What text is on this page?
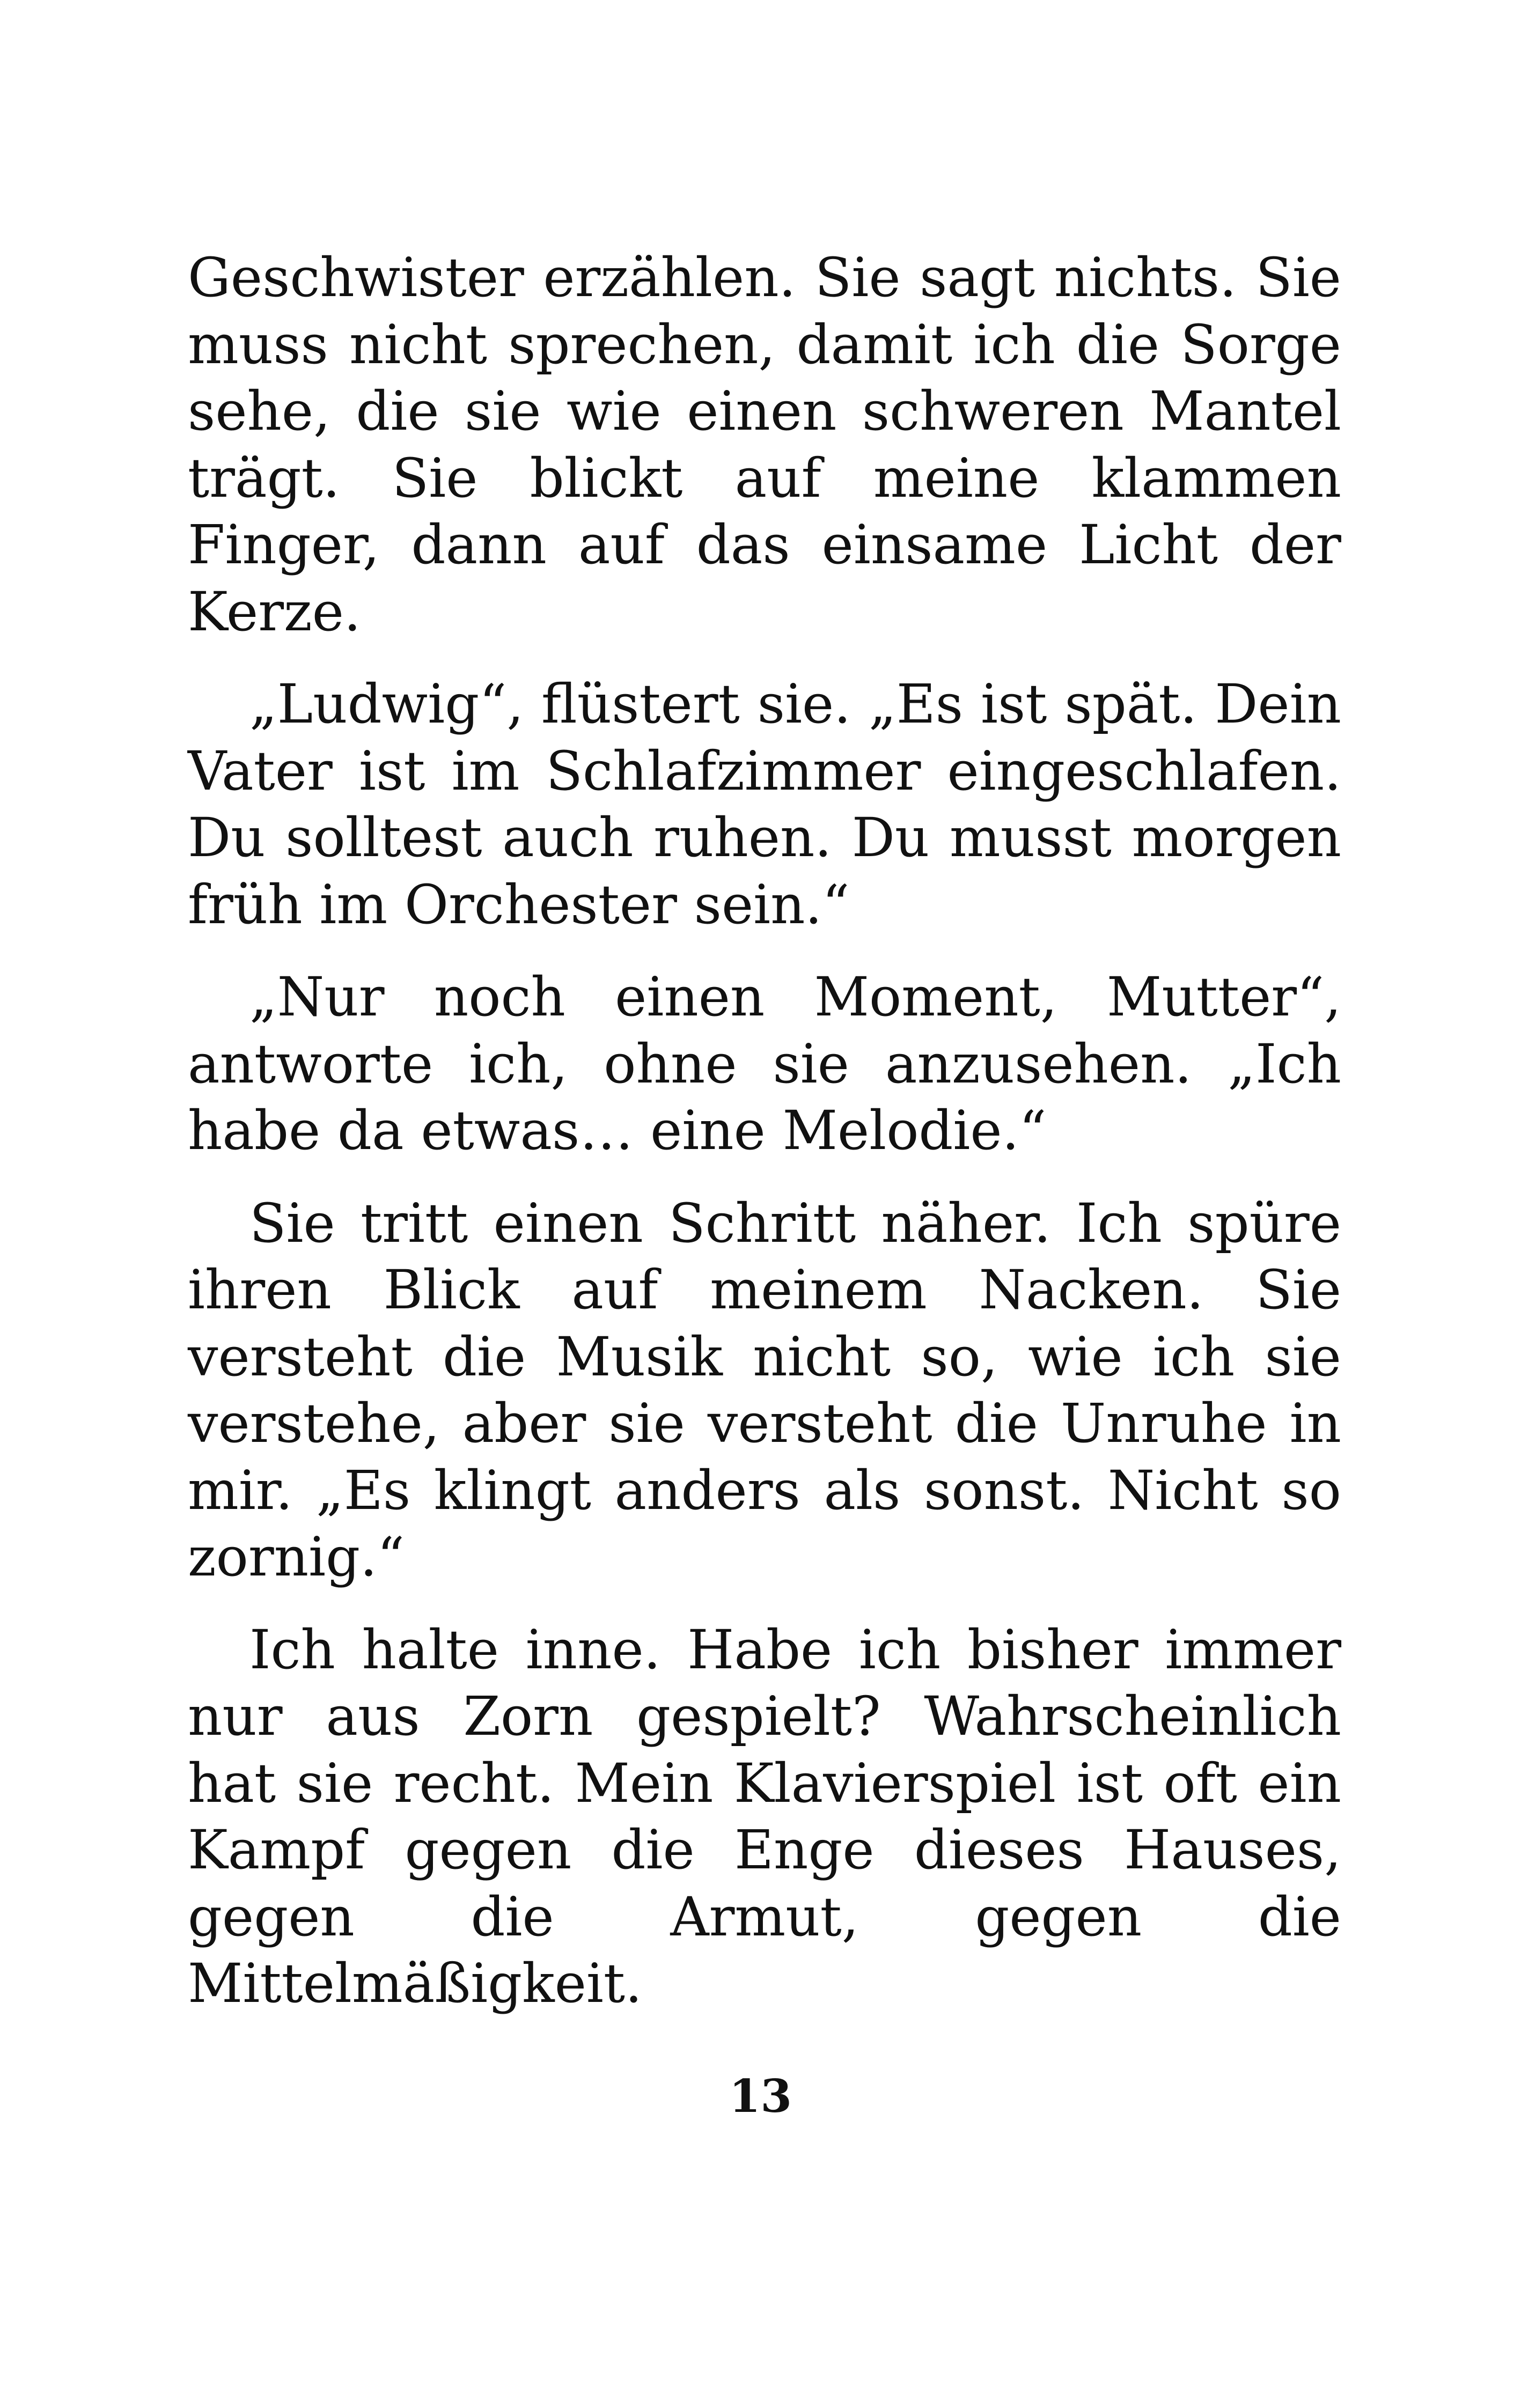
Geschwister erzählen. Sie sagt nichts. Sie muss nicht sprechen, damit ich die Sorge sehe, die sie wie einen schweren Mantel trägt. Sie blickt auf meine klammen Finger, dann auf das einsame Licht der Kerze.

„Ludwig“, flüstert sie. „Es ist spät. Dein Vater ist im Schlafzimmer eingeschlafen. Du solltest auch ruhen. Du musst morgen früh im Orchester sein.“

„Nur noch einen Moment, Mutter“, antworte ich, ohne sie anzusehen. „Ich habe da etwas… eine Melodie.“

Sie tritt einen Schritt näher. Ich spüre ihren Blick auf meinem Nacken. Sie versteht die Musik nicht so, wie ich sie verstehe, aber sie versteht die Unruhe in mir. „Es klingt anders als sonst. Nicht so zornig.“

Ich halte inne. Habe ich bisher immer nur aus Zorn gespielt? Wahrscheinlich hat sie recht. Mein Klavierspiel ist oft ein Kampf gegen die Enge dieses Hauses, gegen die Armut, gegen die Mittelmäßigkeit.

13
